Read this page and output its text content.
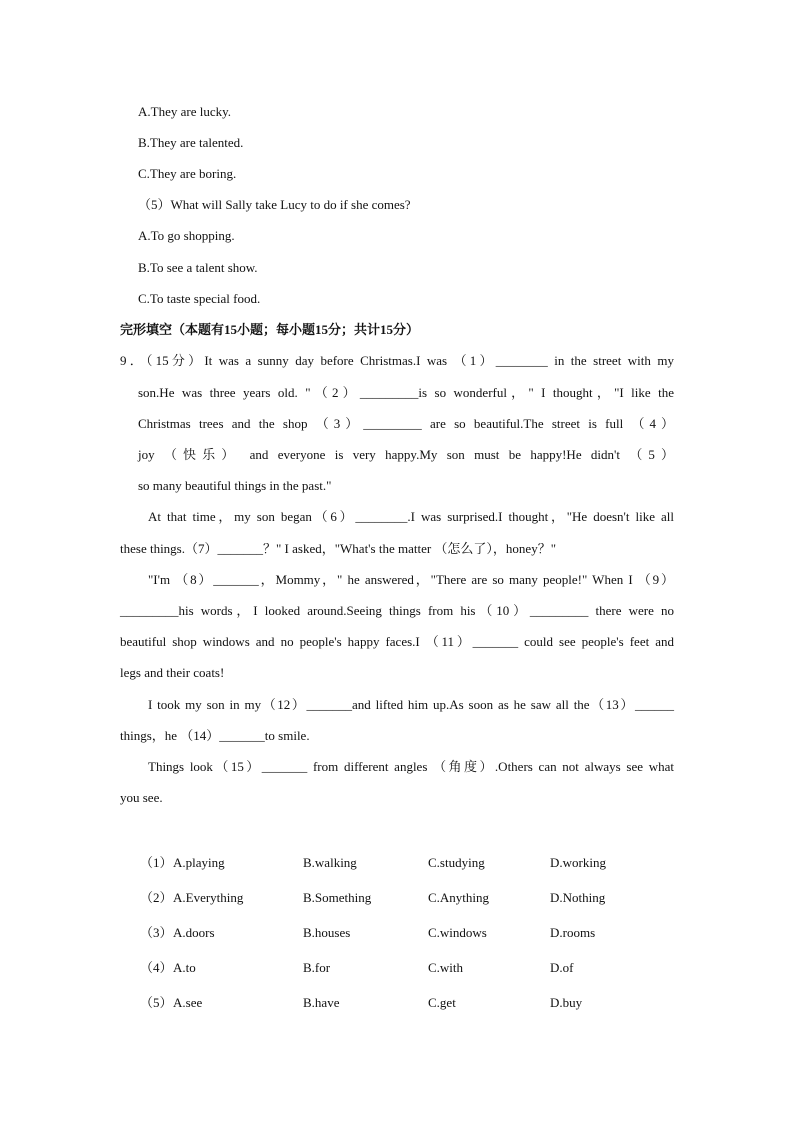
A.They are lucky.
B.They are talented.
C.They are boring.
（5）What will Sally take Lucy to do if she comes?
A.To go shopping.
B.To see a talent show.
C.To taste special food.
完形填空（本题有15小题；每小题15分；共计15分）
9．（15分）It was a sunny day before Christmas.I was （1）________ in the street with my
son.He was three years old. "（2）_________is so wonderful，" I thought，"I like the
Christmas trees and the shop （3）_________ are so beautiful.The street is full （4）
joy （快乐） and everyone is very happy.My son must be happy!He didn't （5）
so many beautiful things in the past."
At that time，my son began（6）________.I was surprised.I thought，"He doesn't like all
these things.（7）_______？" I asked，"What's the matter （怎么了），honey？"
"I'm （8）_______，Mommy，" he answered，"There are so many people!" When I （9）
_________his words，I looked around.Seeing things from his（10）_________ there were no
beautiful shop windows and no people's happy faces.I （11）_______ could see people's feet and
legs and their coats!
I took my son in my（12）_______and lifted him up.As soon as he saw all the（13）______
things，he （14）_______to smile.
Things look（15）_______ from different angles （角度）.Others can not always see what
you see.
（1） A.playing	B.walking	C.studying	D.working
（2） A.Everything	B.Something	C.Anything	D.Nothing
（3） A.doors	B.houses	C.windows	D.rooms
（4） A.to	B.for	C.with	D.of
（5） A.see	B.have	C.get	D.buy
